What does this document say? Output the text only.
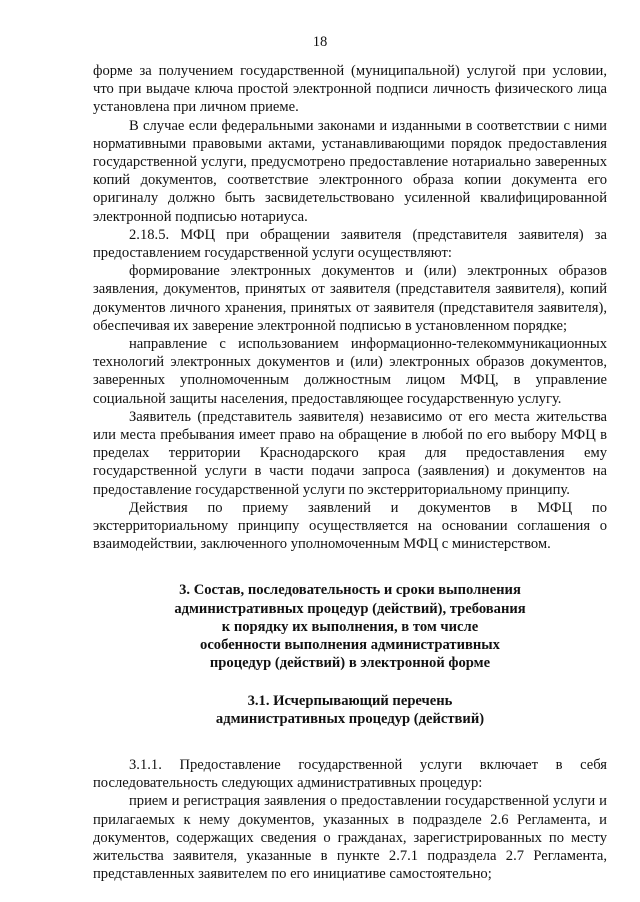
18

форме за получением государственной (муниципальной) услугой при условии, что при выдаче ключа простой электронной подписи личность физического лица установлена при личном приеме.

В случае если федеральными законами и изданными в соответствии с ними нормативными правовыми актами, устанавливающими порядок предоставления государственной услуги, предусмотрено предоставление нотариально заверенных копий документов, соответствие электронного образа копии документа его оригиналу должно быть засвидетельствовано усиленной квалифицированной электронной подписью нотариуса.

2.18.5. МФЦ при обращении заявителя (представителя заявителя) за предоставлением государственной услуги осуществляют:

формирование электронных документов и (или) электронных образов заявления, документов, принятых от заявителя (представителя заявителя), копий документов личного хранения, принятых от заявителя (представителя заявителя), обеспечивая их заверение электронной подписью в установленном порядке;

направление с использованием информационно-телекоммуникационных технологий электронных документов и (или) электронных образов документов, заверенных уполномоченным должностным лицом МФЦ, в управление социальной защиты населения, предоставляющее государственную услугу.

Заявитель (представитель заявителя) независимо от его места жительства или места пребывания имеет право на обращение в любой по его выбору МФЦ в пределах территории Краснодарского края для предоставления ему государственной услуги в части подачи запроса (заявления) и документов на предоставление государственной услуги по экстерриториальному принципу.

Действия по приему заявлений и документов в МФЦ по экстерриториальному принципу осуществляется на основании соглашения о взаимодействии, заключенного уполномоченным МФЦ с министерством.

3. Состав, последовательность и сроки выполнения
административных процедур (действий), требования
к порядку их выполнения, в том числе
особенности выполнения административных
процедур (действий) в электронной форме
3.1. Исчерпывающий перечень
административных процедур (действий)

3.1.1. Предоставление государственной услуги включает в себя последовательность следующих административных процедур:

прием и регистрация заявления о предоставлении государственной услуги и прилагаемых к нему документов, указанных в подразделе 2.6 Регламента, и документов, содержащих сведения о гражданах, зарегистрированных по месту жительства заявителя, указанные в пункте 2.7.1 подраздела 2.7 Регламента, представленных заявителем по его инициативе самостоятельно;
